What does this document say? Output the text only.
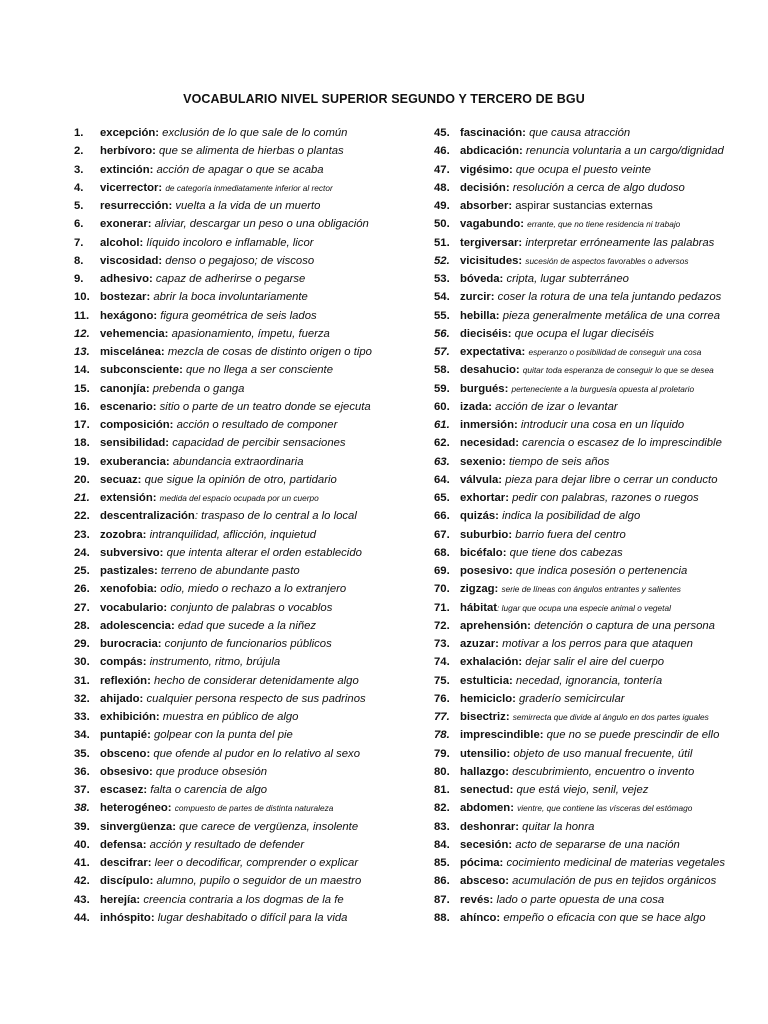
VOCABULARIO NIVEL SUPERIOR SEGUNDO Y TERCERO DE BGU
1. excepción: exclusión de lo que sale de lo común
2. herbívoro: que se alimenta de hierbas o plantas
3. extinción: acción de apagar o que se acaba
4. vicerrector: de categoría inmediatamente inferior al rector
5. resurrección: vuelta a la vida de un muerto
6. exonerar: aliviar, descargar un peso o una obligación
7. alcohol: líquido incoloro e inflamable, licor
8. viscosidad: denso o pegajoso; de viscoso
9. adhesivo: capaz de adherirse o pegarse
10. bostezar: abrir la boca involuntariamente
11. hexágono: figura geométrica de seis lados
12. vehemencia: apasionamiento, ímpetu, fuerza
13. miscelánea: mezcla de cosas de distinto origen o tipo
14. subconsciente: que no llega a ser consciente
15. canonjía: prebenda o ganga
16. escenario: sitio o parte de un teatro donde se ejecuta
17. composición: acción o resultado de componer
18. sensibilidad: capacidad de percibir sensaciones
19. exuberancia: abundancia extraordinaria
20. secuaz: que sigue la opinión de otro, partidario
21. extensión: medida del espacio ocupada por un cuerpo
22. descentralización: traspaso de lo central a lo local
23. zozobra: intranquilidad, aflicción, inquietud
24. subversivo: que intenta alterar el orden establecido
25. pastizales: terreno de abundante pasto
26. xenofobia: odio, miedo o rechazo a lo extranjero
27. vocabulario: conjunto de palabras o vocablos
28. adolescencia: edad que sucede a la niñez
29. burocracia: conjunto de funcionarios públicos
30. compás: instrumento, ritmo, brújula
31. reflexión: hecho de considerar detenidamente algo
32. ahijado: cualquier persona respecto de sus padrinos
33. exhibición: muestra en público de algo
34. puntapié: golpear con la punta del pie
35. obsceno: que ofende al pudor en lo relativo al sexo
36. obsesivo: que produce obsesión
37. escasez: falta o carencia de algo
38. heterogéneo: compuesto de partes de distinta naturaleza
39. sinvergüenza: que carece de vergüenza, insolente
40. defensa: acción y resultado de defender
41. descifrar: leer o decodificar, comprender o explicar
42. discípulo: alumno, pupilo o seguidor de un maestro
43. herejía: creencia contraria a los dogmas de la fe
44. inhóspito: lugar deshabitado o difícil para la vida
45. fascinación: que causa atracción
46. abdicación: renuncia voluntaria a un cargo/dignidad
47. vigésimo: que ocupa el puesto veinte
48. decisión: resolución a cerca de algo dudoso
49. absorber: aspirar sustancias externas
50. vagabundo: errante, que no tiene residencia ni trabajo
51. tergiversar: interpretar erróneamente las palabras
52. vicisitudes: sucesión de aspectos favorables o adversos
53. bóveda: cripta, lugar subterráneo
54. zurcir: coser la rotura de una tela juntando pedazos
55. hebilla: pieza generalmente metálica de una correa
56. dieciséis: que ocupa el lugar dieciséis
57. expectativa: esperanzo o posibilidad de conseguir una cosa
58. desahucio: quitar toda esperanza de conseguir lo que se desea
59. burgués: perteneciente a la burguesía opuesta al proletario
60. izada: acción de izar o levantar
61. inmersión: introducir una cosa en un líquido
62. necesidad: carencia o escasez de lo imprescindible
63. sexenio: tiempo de seis años
64. válvula: pieza para dejar libre o cerrar un conducto
65. exhortar: pedir con palabras, razones o ruegos
66. quizás: indica la posibilidad de algo
67. suburbio: barrio fuera del centro
68. bicéfalo: que tiene dos cabezas
69. posesivo: que indica posesión o pertenencia
70. zigzag: serie de líneas con ángulos entrantes y salientes
71. hábitat: lugar que ocupa una especie animal o vegetal
72. aprehensión: detención o captura de una persona
73. azuzar: motivar a los perros para que ataquen
74. exhalación: dejar salir el aire del cuerpo
75. estulticia: necedad, ignorancia, tontería
76. hemiciclo: graderío semicircular
77. bisectriz: semirrecta que divide al ángulo en dos partes iguales
78. imprescindible: que no se puede prescindir de ello
79. utensilio: objeto de uso manual frecuente, útil
80. hallazgo: descubrimiento, encuentro o invento
81. senectud: que está viejo, senil, vejez
82. abdomen: vientre, que contiene las vísceras del estómago
83. deshonrar: quitar la honra
84. secesión: acto de separarse de una nación
85. pócima: cocimiento medicinal de materias vegetales
86. absceso: acumulación de pus en tejidos orgánicos
87. revés: lado o parte opuesta de una cosa
88. ahínco: empeño o eficacia con que se hace algo
